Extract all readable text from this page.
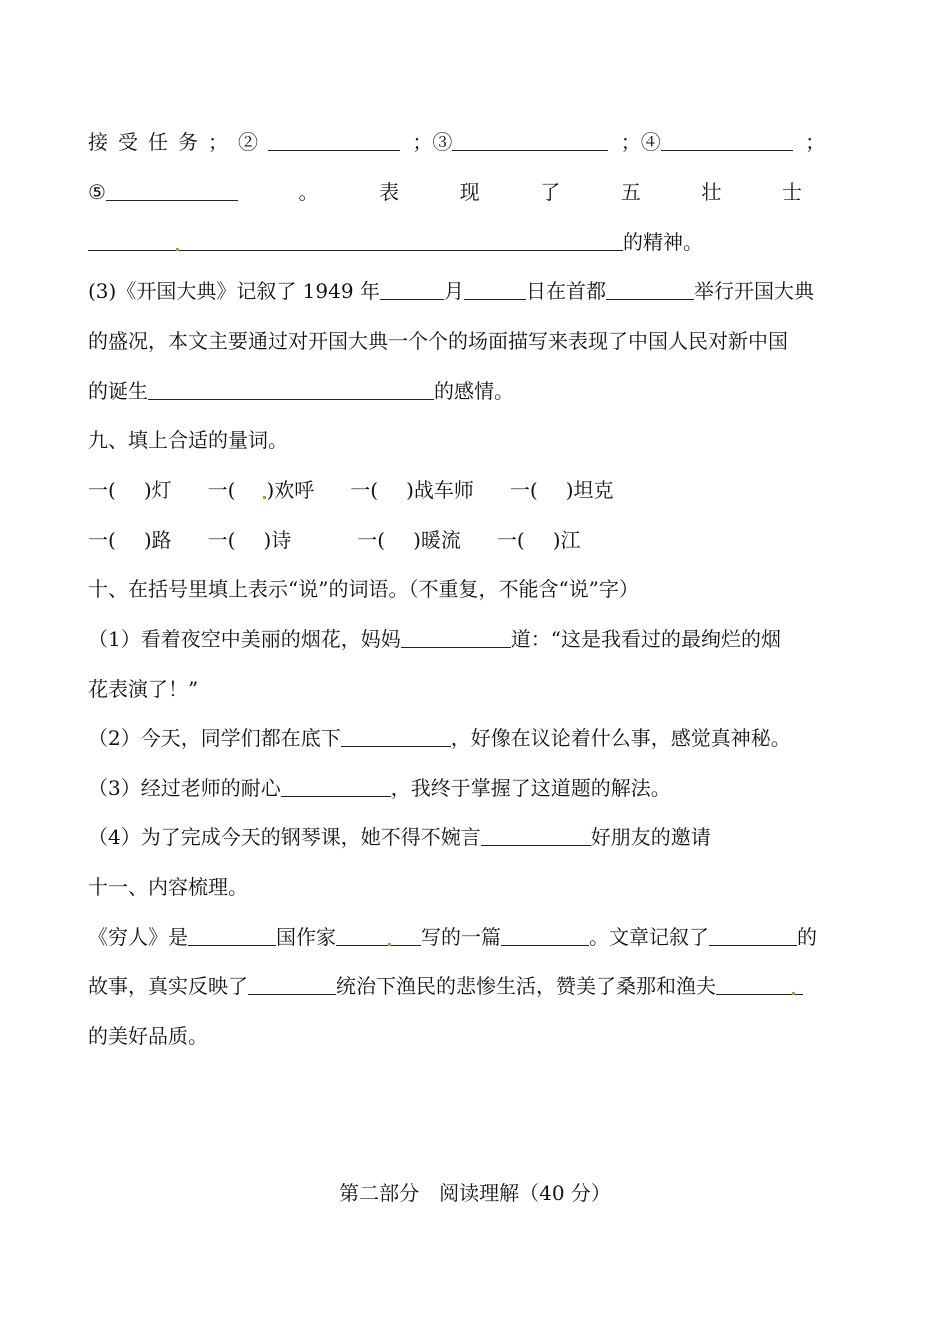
接受任务；②	；③	；④	；
⑤	。	表	现	了	五	壮	士
的精神。
(3)《开国大典》记叙了 1949 年	月	日在首都	举行开国大典
的盛况，本文主要通过对开国大典一个个的场面描写来表现了中国人民对新中国
的诞生	的感情。
九、填上合适的量词。
一( )灯 一( )欢呼 一( )战车师 一( )坦克
一( )路 一( )诗	一( )暖流 一( )江
十、在括号里填上表示“说”的词语。（不重复，不能含“说”字）
（1）看着夜空中美丽的烟花，妈妈	道：“这是我看过的最绚烂的烟
花表演了！”
（2）今天，同学们都在底下	，好像在议论着什么事，感觉真神秘。
（3）经过老师的耐心	，我终于掌握了这道题的解法。
（4）为了完成今天的钢琴课，她不得不婉言	好朋友的邀请
十一、内容梳理。
《穷人》是	国作家	写的一篇	。文章记叙了	的
故事，真实反映了	统治下渔民的悲惨生活，赞美了桑那和渔夫
的美好品质。
第二部分　阅读理解（40 分）
